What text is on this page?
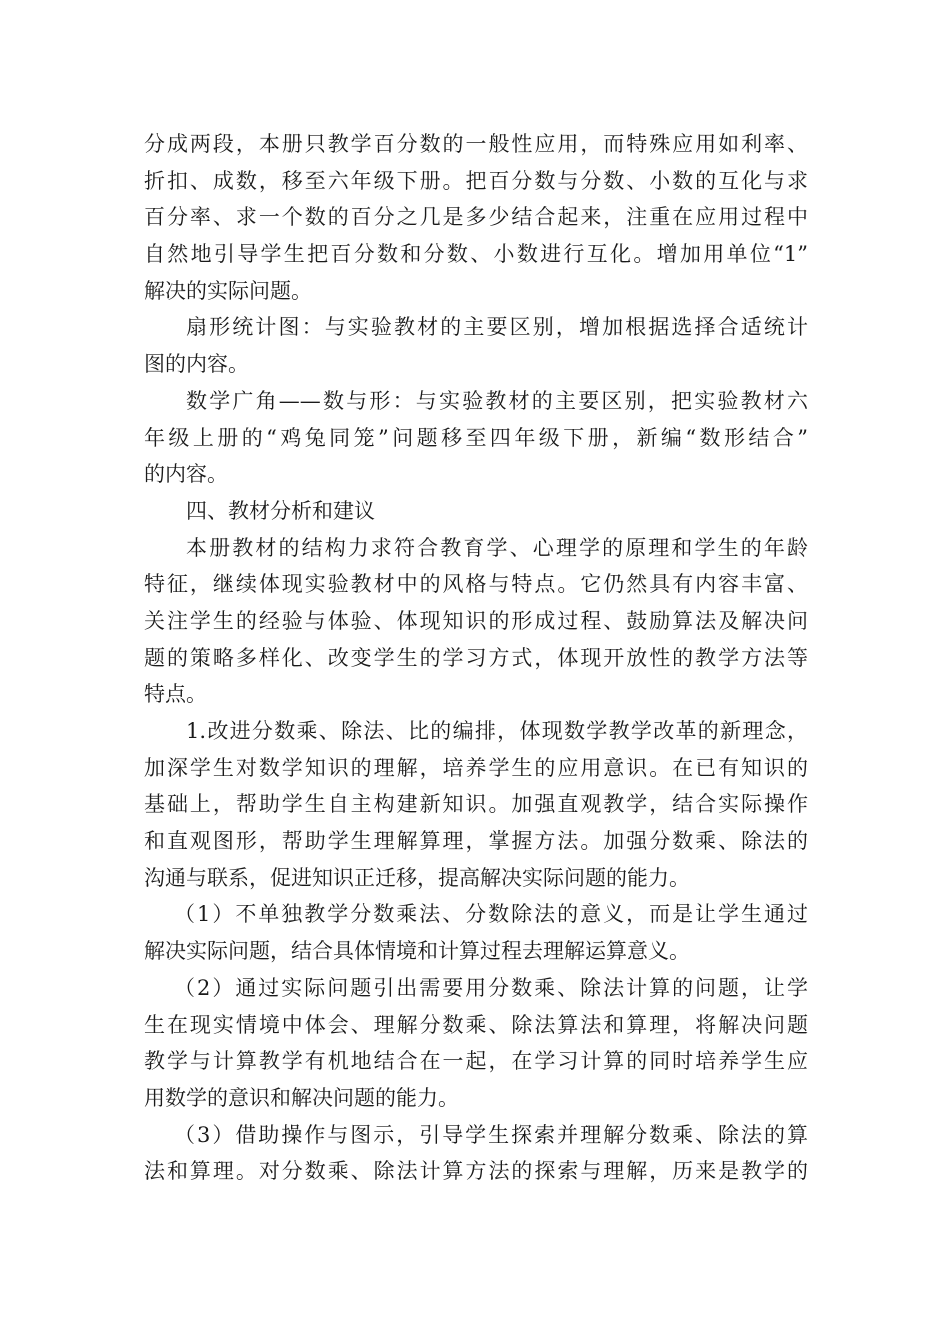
分成两段，本册只教学百分数的一般性应用，而特殊应用如利率、
折扣、成数，移至六年级下册。把百分数与分数、小数的互化与求
百分率、求一个数的百分之几是多少结合起来，注重在应用过程中
自然地引导学生把百分数和分数、小数进行互化。增加用单位“1”
解决的实际问题。
扇形统计图：与实验教材的主要区别，增加根据选择合适统计
图的内容。
数学广角——数与形：与实验教材的主要区别，把实验教材六
年级上册的“鸡兔同笼”问题移至四年级下册，新编“数形结合”
的内容。
四、教材分析和建议
本册教材的结构力求符合教育学、心理学的原理和学生的年龄
特征，继续体现实验教材中的风格与特点。它仍然具有内容丰富、
关注学生的经验与体验、体现知识的形成过程、鼓励算法及解决问
题的策略多样化、改变学生的学习方式，体现开放性的教学方法等
特点。
1.改进分数乘、除法、比的编排，体现数学教学改革的新理念，
加深学生对数学知识的理解，培养学生的应用意识。在已有知识的
基础上，帮助学生自主构建新知识。加强直观教学，结合实际操作
和直观图形，帮助学生理解算理，掌握方法。加强分数乘、除法的
沟通与联系，促进知识正迁移，提高解决实际问题的能力。
（1）不单独教学分数乘法、分数除法的意义，而是让学生通过
解决实际问题，结合具体情境和计算过程去理解运算意义。
（2）通过实际问题引出需要用分数乘、除法计算的问题，让学
生在现实情境中体会、理解分数乘、除法算法和算理，将解决问题
教学与计算教学有机地结合在一起，在学习计算的同时培养学生应
用数学的意识和解决问题的能力。
（3）借助操作与图示，引导学生探索并理解分数乘、除法的算
法和算理。对分数乘、除法计算方法的探索与理解，历来是教学的
